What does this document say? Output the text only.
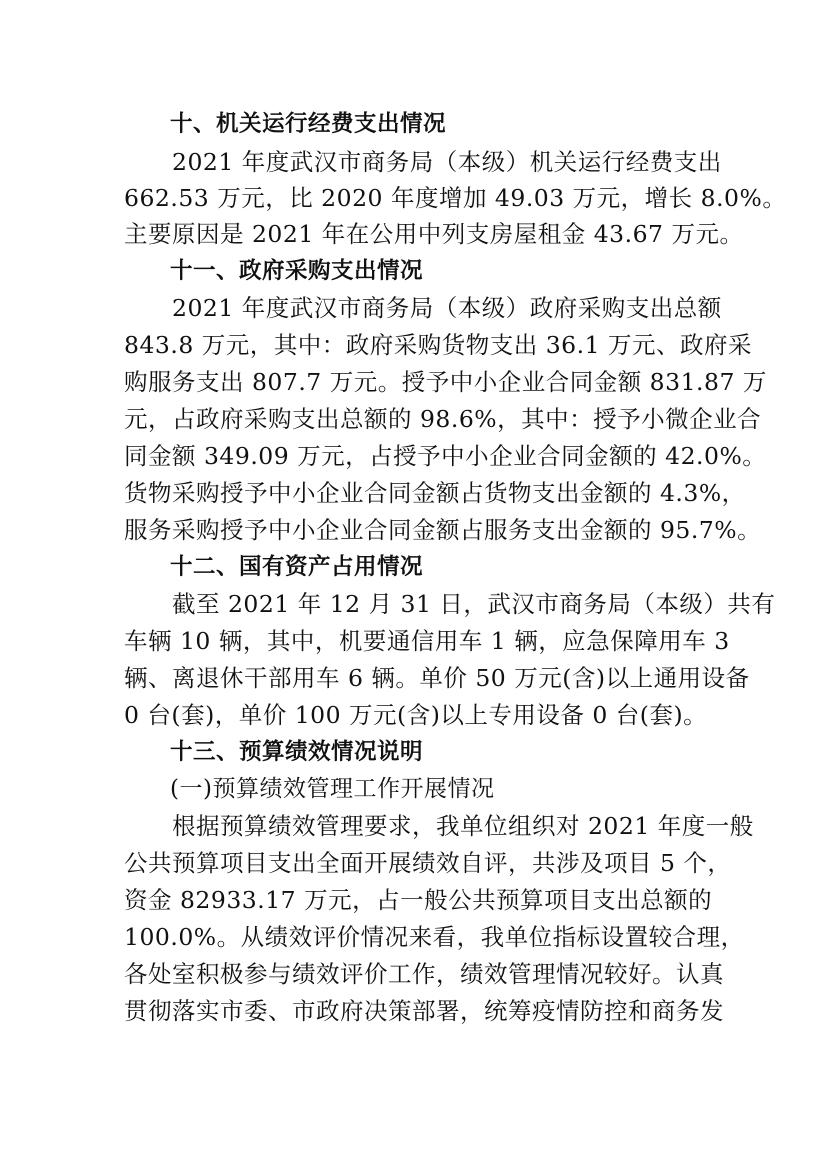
十、机关运行经费支出情况
　　2021 年度武汉市商务局（本级）机关运行经费支出
662.53 万元，比 2020 年度增加 49.03 万元，增长 8.0%。
主要原因是 2021 年在公用中列支房屋租金 43.67 万元。
十一、政府采购支出情况
　　2021 年度武汉市商务局（本级）政府采购支出总额
843.8 万元，其中：政府采购货物支出 36.1 万元、政府采
购服务支出 807.7 万元。授予中小企业合同金额 831.87 万
元，占政府采购支出总额的 98.6%，其中：授予小微企业合
同金额 349.09 万元，占授予中小企业合同金额的 42.0%。
货物采购授予中小企业合同金额占货物支出金额的 4.3%，
服务采购授予中小企业合同金额占服务支出金额的 95.7%。
十二、国有资产占用情况
　　截至 2021 年 12 月 31 日，武汉市商务局（本级）共有
车辆 10 辆，其中，机要通信用车 1 辆，应急保障用车 3
辆、离退休干部用车 6 辆。单价 50 万元(含)以上通用设备
0 台(套)，单价 100 万元(含)以上专用设备 0 台(套)。
十三、预算绩效情况说明
(一)预算绩效管理工作开展情况
　　根据预算绩效管理要求，我单位组织对 2021 年度一般
公共预算项目支出全面开展绩效自评，共涉及项目 5 个，
资金 82933.17 万元，占一般公共预算项目支出总额的
100.0%。从绩效评价情况来看，我单位指标设置较合理，
各处室积极参与绩效评价工作，绩效管理情况较好。认真
贯彻落实市委、市政府决策部署，统筹疫情防控和商务发
